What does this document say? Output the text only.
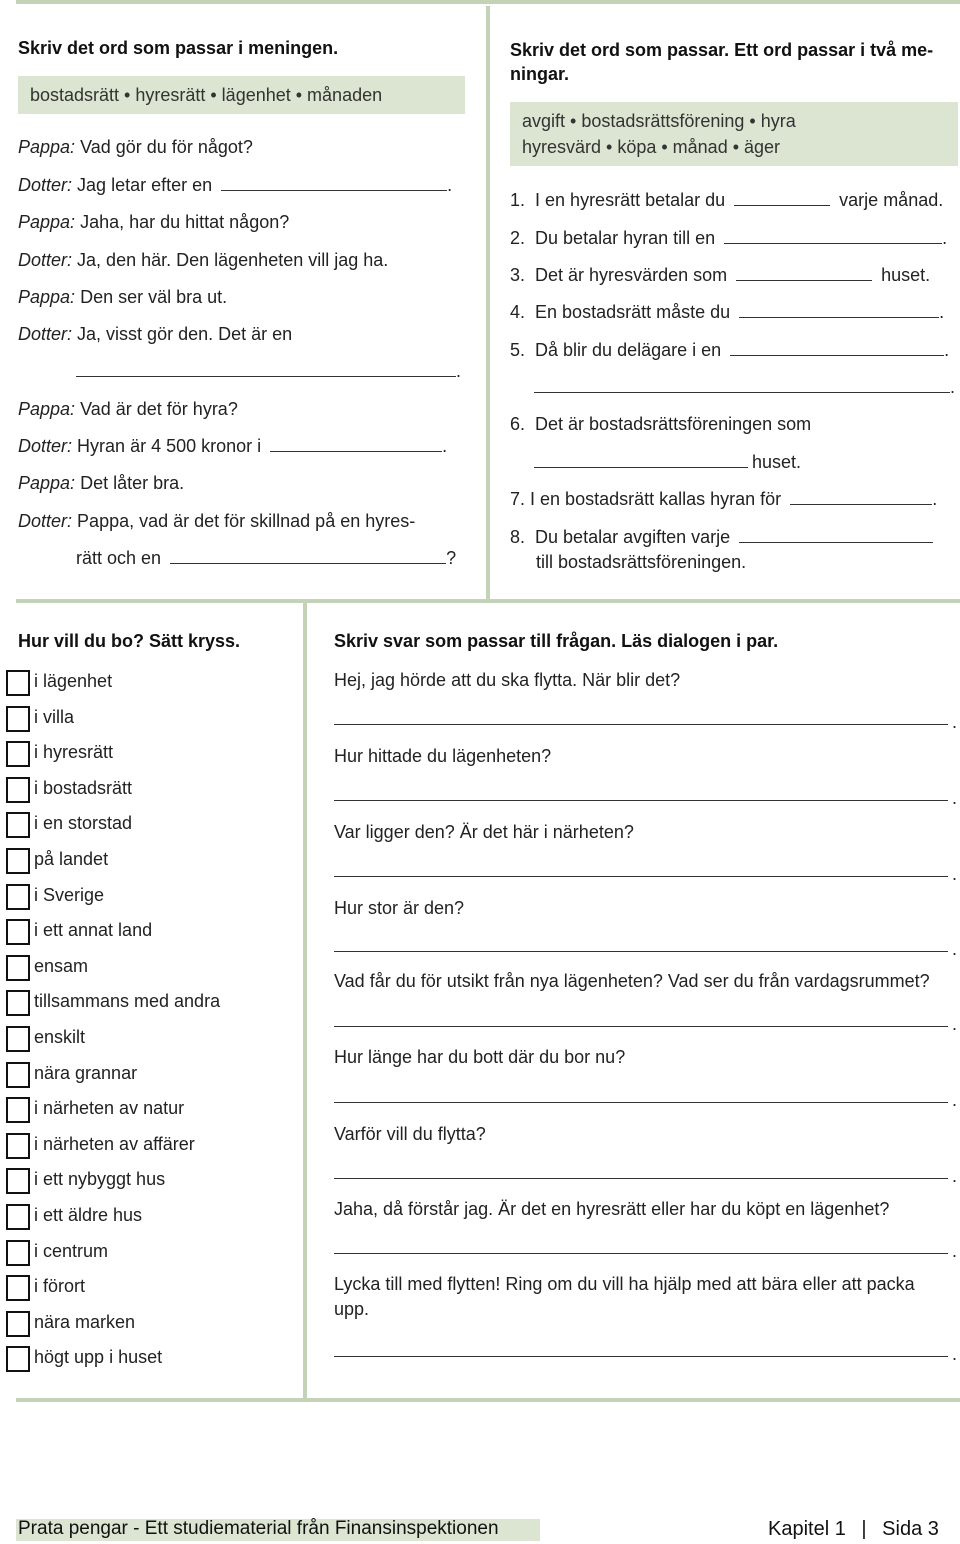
Skriv det ord som passar i meningen.
bostadsrätt • hyresrätt • lägenhet • månaden
Pappa: Vad gör du för något?
Dotter: Jag letar efter en	.
Pappa: Jaha, har du hittat någon?
Dotter: Ja, den här. Den lägenheten vill jag ha.
Pappa: Den ser väl bra ut.
Dotter: Ja, visst gör den. Det är en
.
Pappa: Vad är det för hyra?
Dotter: Hyran är 4 500 kronor i	.
Pappa: Det låter bra.
Dotter: Pappa, vad är det för skillnad på en hyres-
rätt och en	?
Skriv det ord som passar. Ett ord passar i två me-
ningar.
avgift • bostadsrättsförening • hyra
hyresvärd • köpa • månad • äger
1. I en hyresrätt betalar du	varje månad.
2. Du betalar hyran till en	.
3. Det är hyresvärden som	huset.
4. En bostadsrätt måste du	.
5. Då blir du delägare i en	.
.
6. Det är bostadsrättsföreningen som
huset.
7. I en bostadsrätt kallas hyran för	.
8. Du betalar avgiften varje
till bostadsrättsföreningen.
Hur vill du bo? Sätt kryss.
i lägenhet
i villa
i hyresrätt
i bostadsrätt
i en storstad
på landet
i Sverige
i ett annat land
ensam
tillsammans med andra
enskilt
nära grannar
i närheten av natur
i närheten av affärer
i ett nybyggt hus
i ett äldre hus
i centrum
i förort
nära marken
högt upp i huset
Skriv svar som passar till frågan. Läs dialogen i par.
Hej, jag hörde att du ska flytta. När blir det?
.
Hur hittade du lägenheten?
.
Var ligger den? Är det här i närheten?
.
Hur stor är den?
.
Vad får du för utsikt från nya lägenheten? Vad ser du från vardagsrummet?
.
Hur länge har du bott där du bor nu?
.
Varför vill du flytta?
.
Jaha, då förstår jag. Är det en hyresrätt eller har du köpt en lägenhet?
.
Lycka till med flytten! Ring om du vill ha hjälp med att bära eller att packa upp.
.
Prata pengar - Ett studiematerial från Finansinspektionen	Kapitel 1 | Sida 3
